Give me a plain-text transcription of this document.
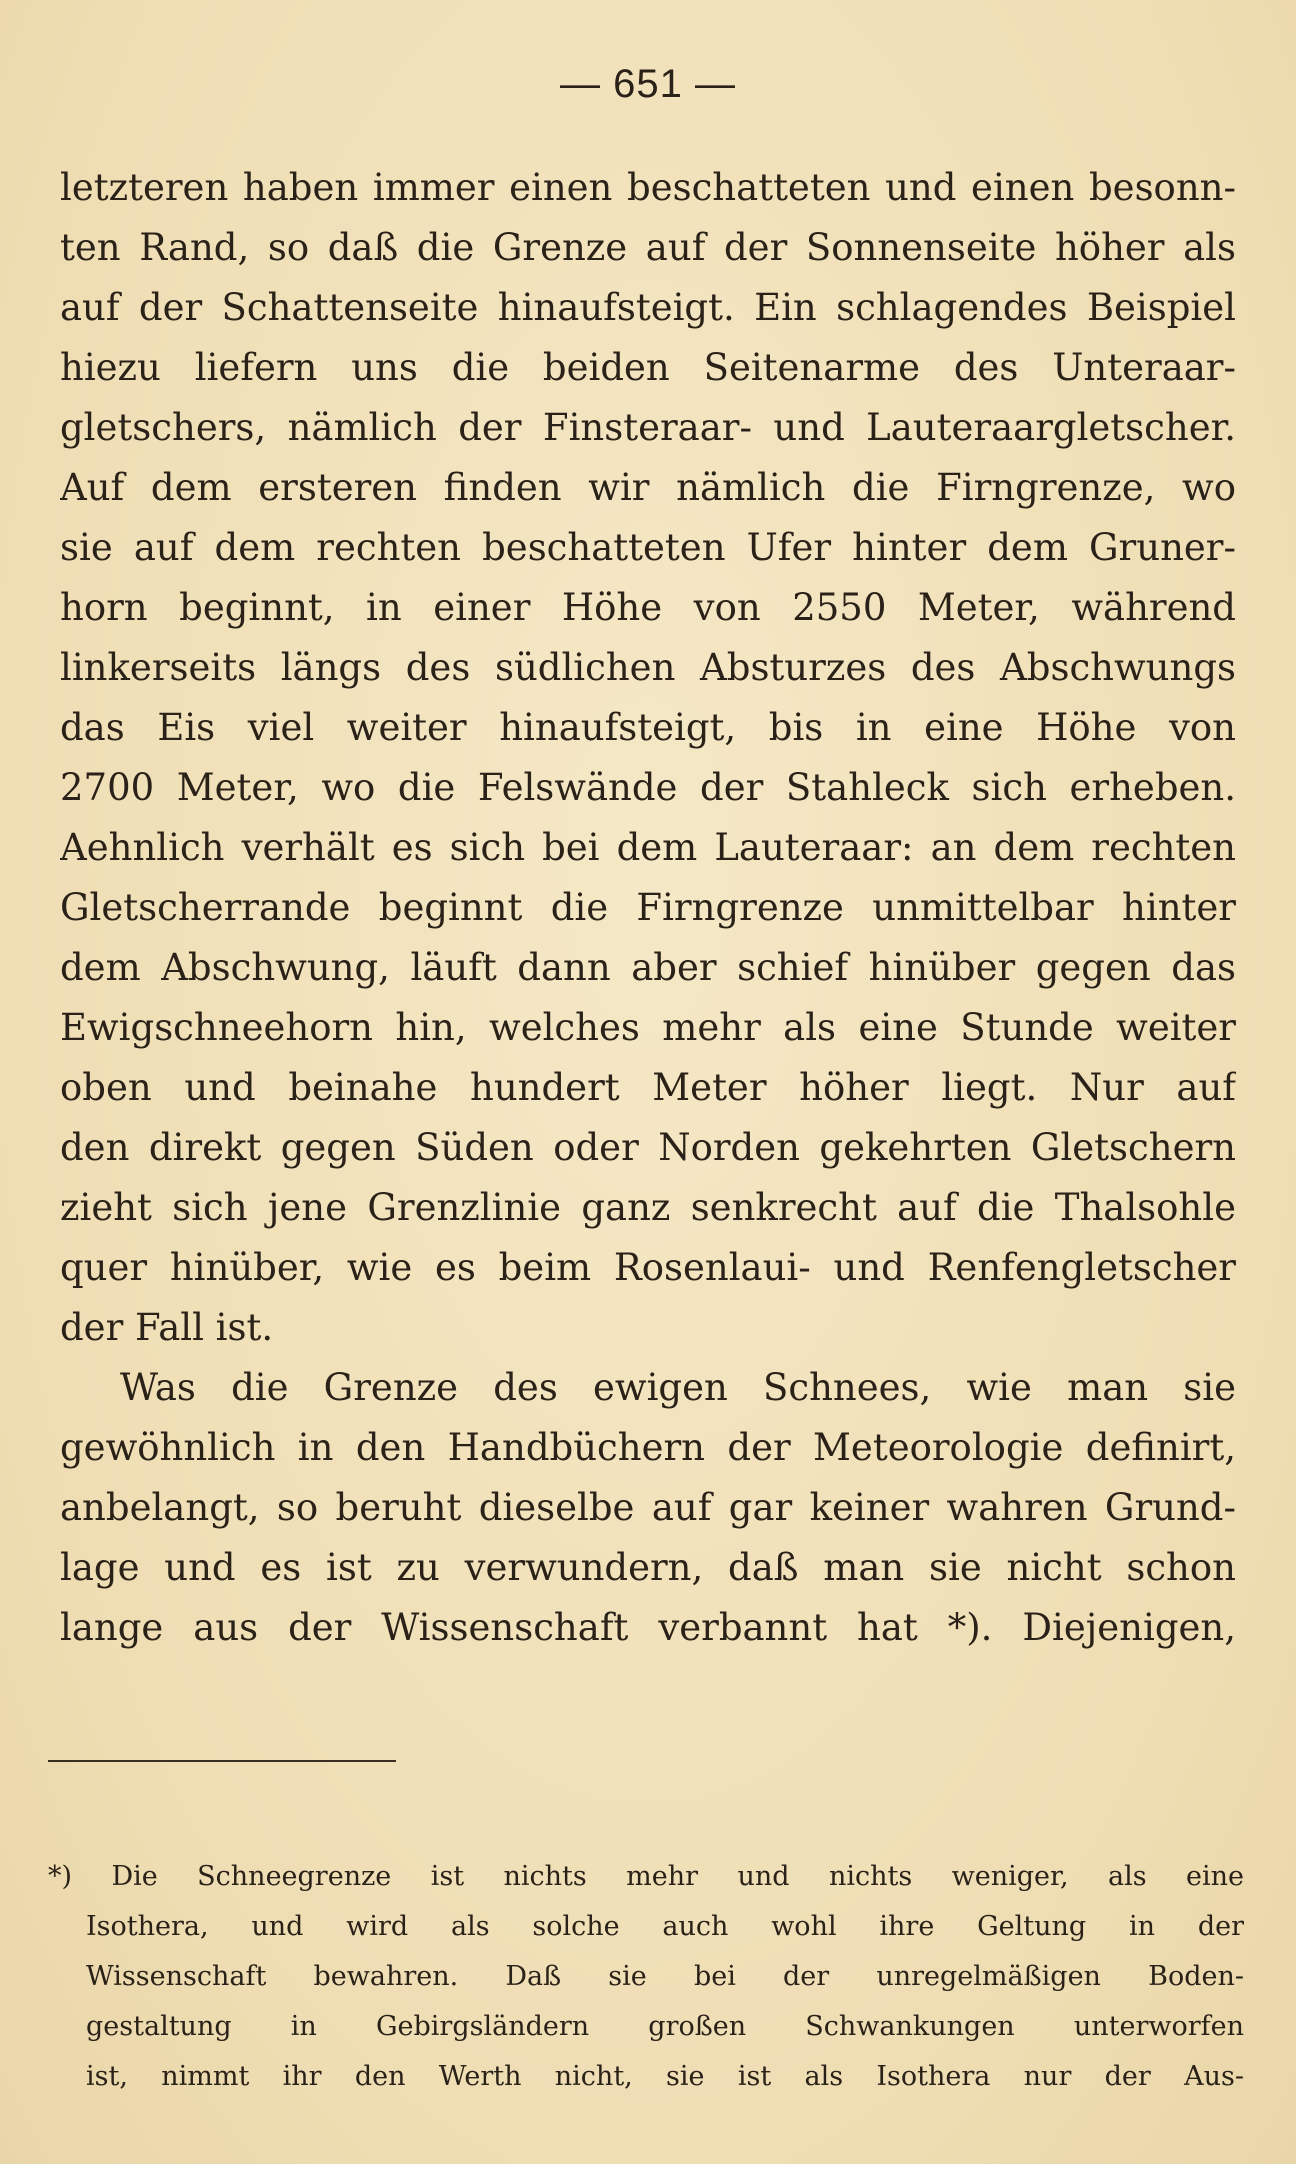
— 651 —
letzteren haben immer einen beschatteten und einen besonn-
ten Rand, so daß die Grenze auf der Sonnenseite höher als
auf der Schattenseite hinaufsteigt. Ein schlagendes Beispiel
hiezu liefern uns die beiden Seitenarme des Unteraar-
gletschers, nämlich der Finsteraar- und Lauteraargletscher.
Auf dem ersteren finden wir nämlich die Firngrenze, wo
sie auf dem rechten beschatteten Ufer hinter dem Gruner-
horn beginnt, in einer Höhe von 2550 Meter, während
linkerseits längs des südlichen Absturzes des Abschwungs
das Eis viel weiter hinaufsteigt, bis in eine Höhe von
2700 Meter, wo die Felswände der Stahleck sich erheben.
Aehnlich verhält es sich bei dem Lauteraar: an dem rechten
Gletscherrande beginnt die Firngrenze unmittelbar hinter
dem Abschwung, läuft dann aber schief hinüber gegen das
Ewigschneehorn hin, welches mehr als eine Stunde weiter
oben und beinahe hundert Meter höher liegt. Nur auf
den direkt gegen Süden oder Norden gekehrten Gletschern
zieht sich jene Grenzlinie ganz senkrecht auf die Thalsohle
quer hinüber, wie es beim Rosenlaui- und Renfengletscher
der Fall ist.
Was die Grenze des ewigen Schnees, wie man sie
gewöhnlich in den Handbüchern der Meteorologie definirt,
anbelangt, so beruht dieselbe auf gar keiner wahren Grund-
lage und es ist zu verwundern, daß man sie nicht schon
lange aus der Wissenschaft verbannt hat *). Diejenigen,
*) Die Schneegrenze ist nichts mehr und nichts weniger, als eine
Isothera, und wird als solche auch wohl ihre Geltung in der
Wissenschaft bewahren. Daß sie bei der unregelmäßigen Boden-
gestaltung in Gebirgsländern großen Schwankungen unterworfen
ist, nimmt ihr den Werth nicht, sie ist als Isothera nur der Aus-
